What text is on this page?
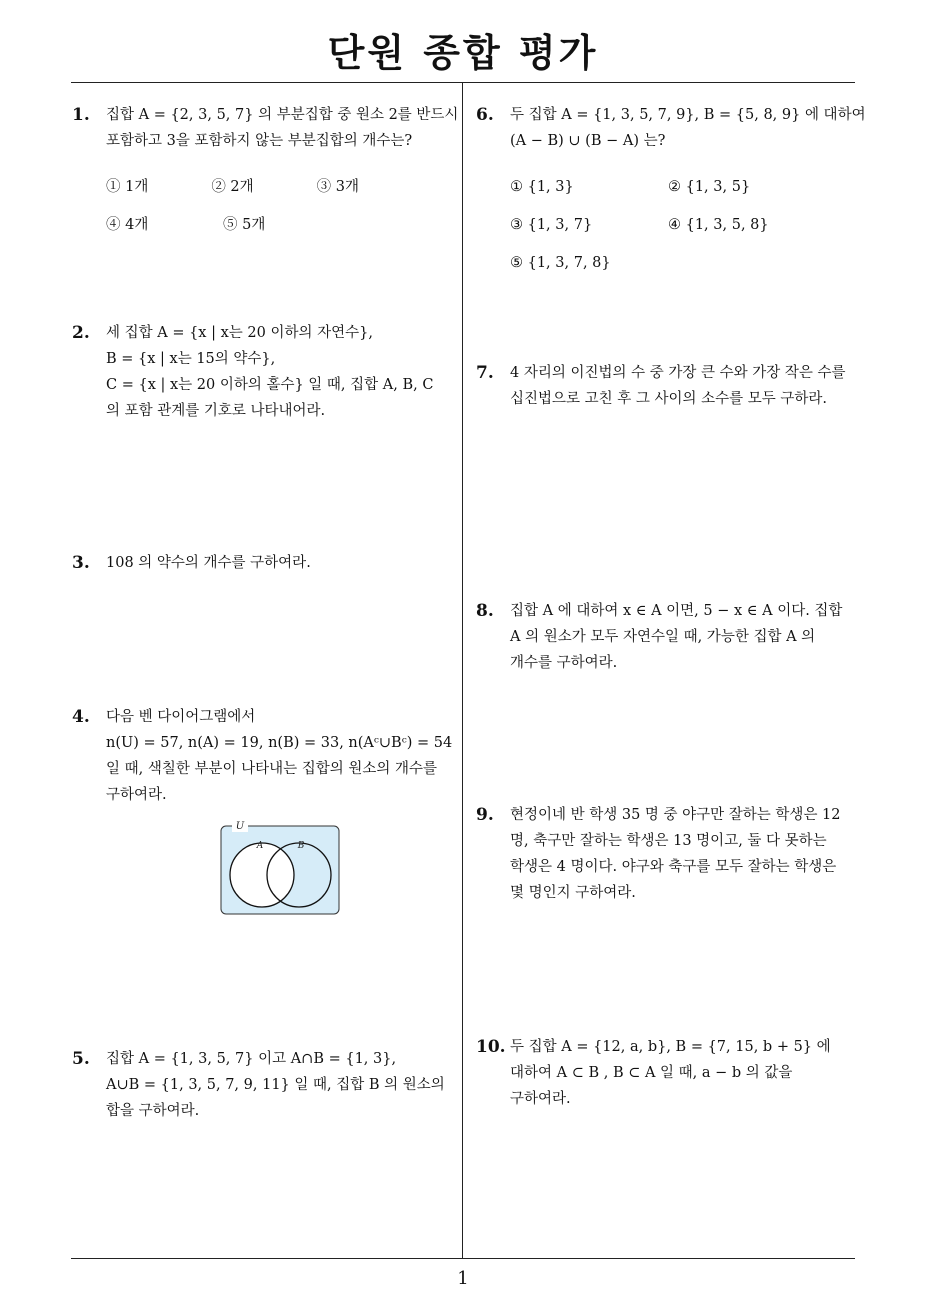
단원 종합 평가
1. 집합 A = {2, 3, 5, 7} 의 부분집합 중 원소 2를 반드시
포함하고 3을 포함하지 않는 부분집합의 개수는?
① 1개	② 2개	③ 3개
④ 4개	⑤ 5개
2. 세 집합 A = {x | x는 20 이하의 자연수},
B = {x | x는 15의 약수},
C = {x | x는 20 이하의 홀수} 일 때, 집합 A, B, C
의 포함 관계를 기호로 나타내어라.
3. 108 의 약수의 개수를 구하여라.
4. 다음 벤 다이어그램에서
n(U) = 57, n(A) = 19, n(B) = 33, n(Aᶜ∪Bᶜ) = 54
일 때, 색칠한 부분이 나타내는 집합의 원소의 개수를
구하여라.
U
A	B
5. 집합 A = {1, 3, 5, 7} 이고 A∩B = {1, 3},
A∪B = {1, 3, 5, 7, 9, 11} 일 때, 집합 B 의 원소의
합을 구하여라.
6. 두 집합 A = {1, 3, 5, 7, 9}, B = {5, 8, 9} 에 대하여
(A − B) ∪ (B − A) 는?
① {1, 3}	② {1, 3, 5}
③ {1, 3, 7}	④ {1, 3, 5, 8}
⑤ {1, 3, 7, 8}
7. 4 자리의 이진법의 수 중 가장 큰 수와 가장 작은 수를
십진법으로 고친 후 그 사이의 소수를 모두 구하라.
8. 집합 A 에 대하여 x ∈ A 이면, 5 − x ∈ A 이다. 집합
A 의 원소가 모두 자연수일 때, 가능한 집합 A 의
개수를 구하여라.
9. 현정이네 반 학생 35 명 중 야구만 잘하는 학생은 12
명, 축구만 잘하는 학생은 13 명이고, 둘 다 못하는
학생은 4 명이다. 야구와 축구를 모두 잘하는 학생은
몇 명인지 구하여라.
10. 두 집합 A = {12, a, b}, B = {7, 15, b + 5} 에
대하여 A ⊂ B , B ⊂ A 일 때, a − b 의 값을
구하여라.
1
